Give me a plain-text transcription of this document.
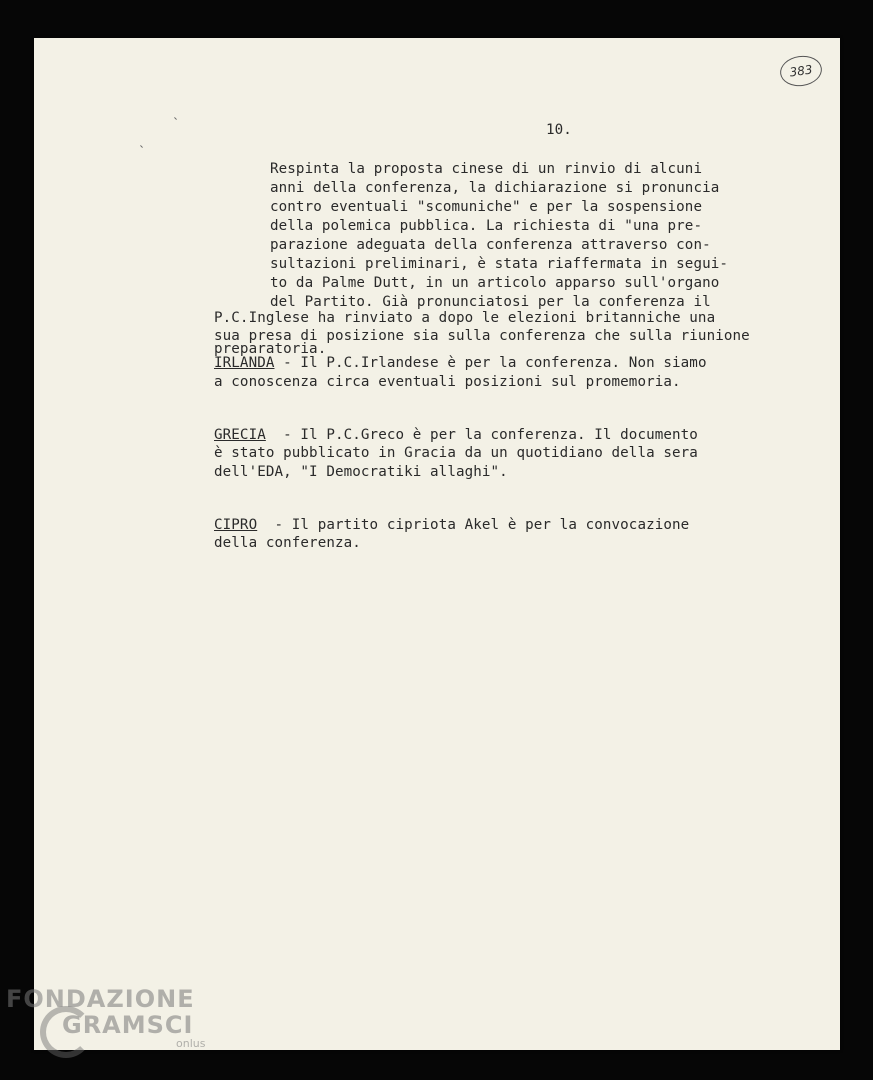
383
10.
Respinta la proposta cinese di un rinvio di alcuni
anni della conferenza, la dichiarazione si pronuncia
contro eventuali "scomuniche" e per la sospensione
della polemica pubblica. La richiesta di "una pre-
parazione adeguata della conferenza attraverso con-
sultazioni preliminari, è stata riaffermata in segui-
to da Palme Dutt, in un articolo apparso sull'organo
del Partito. Già pronunciatosi per la conferenza il
P.C.Inglese ha rinviato a dopo le elezioni britanniche una
sua presa di posizione sia sulla conferenza che sulla riunione
preparatoria.
IRLANDA - Il P.C.Irlandese è per la conferenza. Non siamo
a conoscenza circa eventuali posizioni sul promemoria.
GRECIA  - Il P.C.Greco è per la conferenza. Il documento
è stato pubblicato in Gracia da un quotidiano della sera
dell'EDA, "I Democratiki allaghi".
CIPRO  - Il partito cipriota Akel è per la convocazione
della conferenza.
FONDAZIONE
GRAMSCI
onlus
